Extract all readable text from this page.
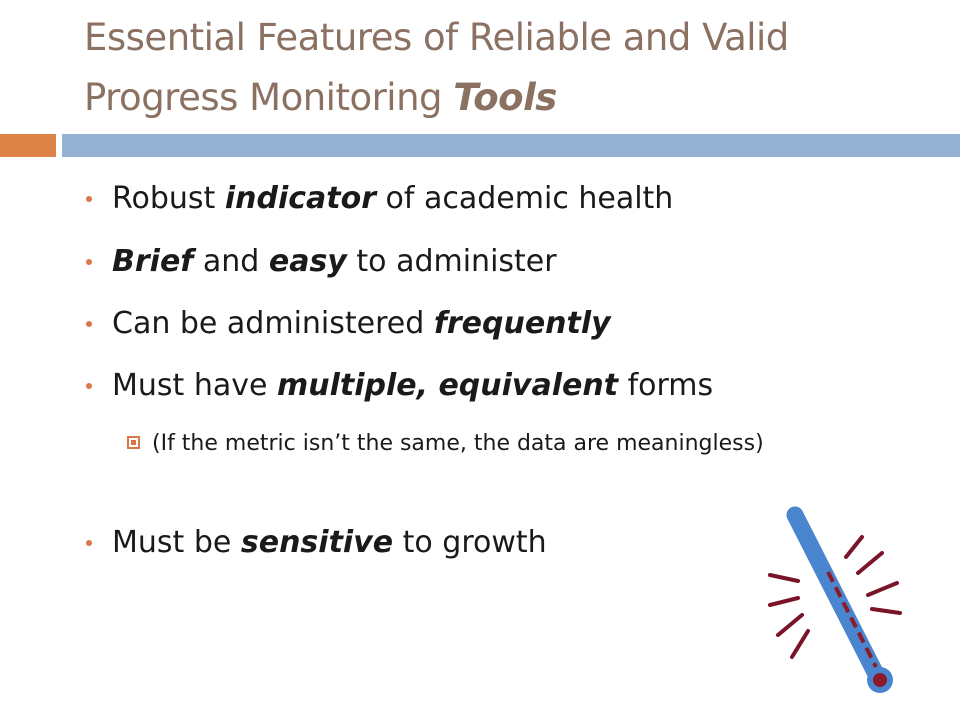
Essential Features of Reliable and Valid
Progress Monitoring Tools
Robust indicator of academic health
Brief and easy to administer
Can be administered frequently
Must have multiple, equivalent forms
(If the metric isn’t the same, the data are meaningless)
Must be sensitive to growth
